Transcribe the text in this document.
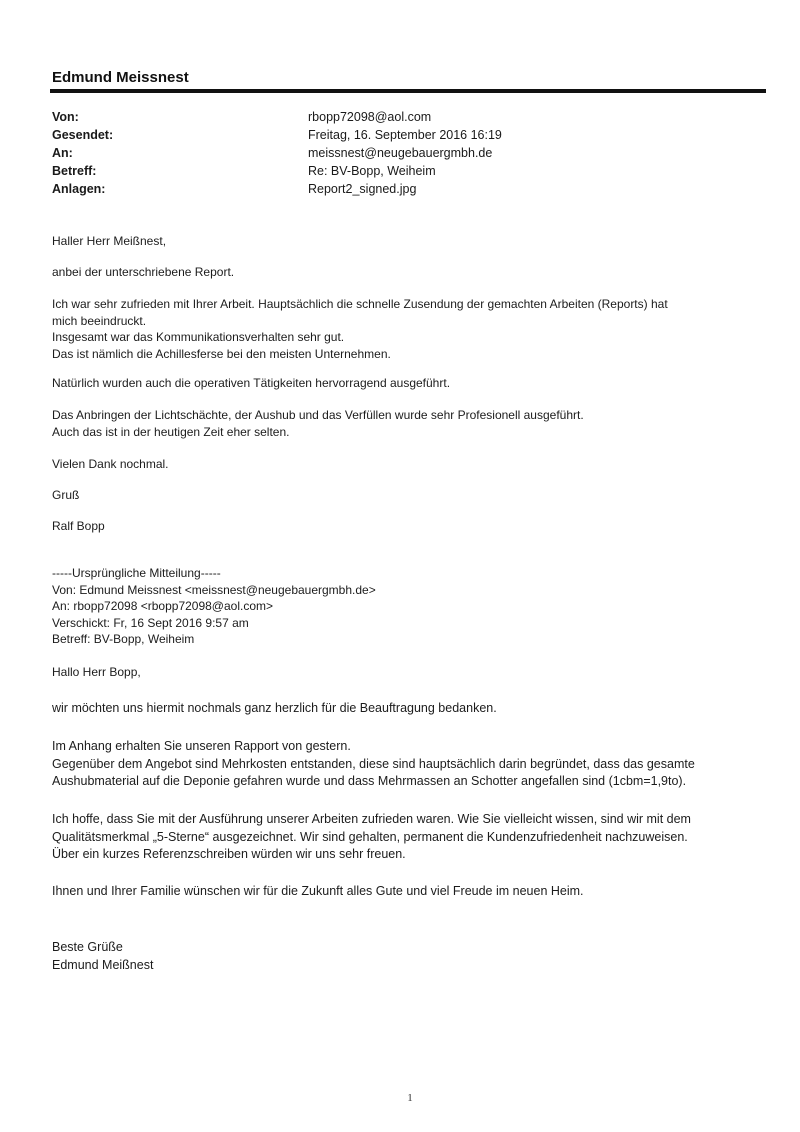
Edmund Meissnest
Von:	rbopp72098@aol.com
Gesendet:	Freitag, 16. September 2016 16:19
An:	meissnest@neugebauergmbh.de
Betreff:	Re: BV-Bopp, Weiheim
Anlagen:	Report2_signed.jpg
Haller Herr Meißnest,
anbei der unterschriebene Report.
Ich war sehr zufrieden mit Ihrer Arbeit. Hauptsächlich die schnelle Zusendung der gemachten Arbeiten (Reports) hat
mich beeindruckt.
Insgesamt war das Kommunikationsverhalten sehr gut.
Das ist nämlich die Achillesferse bei den meisten Unternehmen.
Natürlich wurden auch die operativen Tätigkeiten hervorragend ausgeführt.
Das Anbringen der Lichtschächte, der Aushub und das Verfüllen wurde sehr Profesionell ausgeführt.
Auch das ist in der heutigen Zeit eher selten.
Vielen Dank nochmal.
Gruß
Ralf Bopp
-----Ursprüngliche Mitteilung-----
Von: Edmund Meissnest <meissnest@neugebauergmbh.de>
An: rbopp72098 <rbopp72098@aol.com>
Verschickt: Fr, 16 Sept 2016 9:57 am
Betreff: BV-Bopp, Weiheim
Hallo Herr Bopp,
wir möchten uns hiermit nochmals ganz herzlich für die Beauftragung bedanken.
Im Anhang erhalten Sie unseren Rapport von gestern.
Gegenüber dem Angebot sind Mehrkosten entstanden, diese sind hauptsächlich darin begründet, dass das gesamte
Aushubmaterial auf die Deponie gefahren wurde und dass Mehrmassen an Schotter angefallen sind (1cbm=1,9to).
Ich hoffe, dass Sie mit der Ausführung unserer Arbeiten zufrieden waren. Wie Sie vielleicht wissen, sind wir mit dem
Qualitätsmerkmal „5-Sterne“ ausgezeichnet. Wir sind gehalten, permanent die Kundenzufriedenheit nachzuweisen.
Über ein kurzes Referenzschreiben würden wir uns sehr freuen.
Ihnen und Ihrer Familie wünschen wir für die Zukunft alles Gute und viel Freude im neuen Heim.
Beste Grüße
Edmund Meißnest
1
